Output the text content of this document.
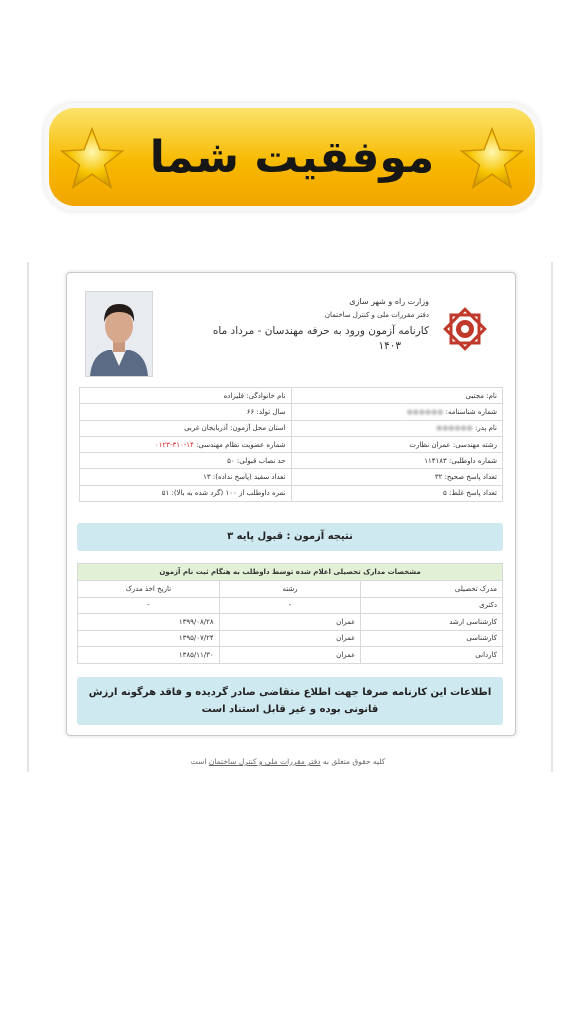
موفقیت شما
وزارت راه و شهر سازی
دفتر مقررات ملی و کنترل ساختمان
کارنامه آزمون ورود به حرفه مهندسان - مرداد ماه
۱۴۰۳
نام: مجتبی	نام خانوادگی: قلیزاده
شماره شناسنامه: ●●●●●●	سال تولد: ۶۶
نام پدر: ●●●●●●	استان محل آزمون: آذربایجان غربی
رشته مهندسی: عمران نظارت	شماره عضویت نظام مهندسی: ۱۴-۳۱۰-۰۱۲۳
شماره داوطلبی: ۱۱۴۱۸۳	حد نصاب قبولی: ۵۰
تعداد پاسخ صحیح: ۳۲	تعداد سفید (پاسخ نداده): ۱۳
تعداد پاسخ غلط: ۵	نمره داوطلب از ۱۰۰ (گرد شده به بالا): ۵۱
نتیجه آزمون : قبول پایه ۳
مشخصات مدارک تحصیلی اعلام شده توسط داوطلب به هنگام ثبت نام آزمون		
مدرک تحصیلی	رشته	تاریخ اخذ مدرک
دکتری	-	-
کارشناسی ارشد	عمران	۱۳۹۹/۰۸/۲۸
کارشناسی	عمران	۱۳۹۵/۰۷/۲۴
کاردانی	عمران	۱۳۸۵/۱۱/۳۰
اطلاعات این کارنامه صرفا جهت اطلاع متقاضی صادر گردیده و فاقد هرگونه ارزش قانونی بوده و غیر قابل استناد است
کلیه حقوق متعلق به دفتر مقررات ملی و کنترل ساختمان است
